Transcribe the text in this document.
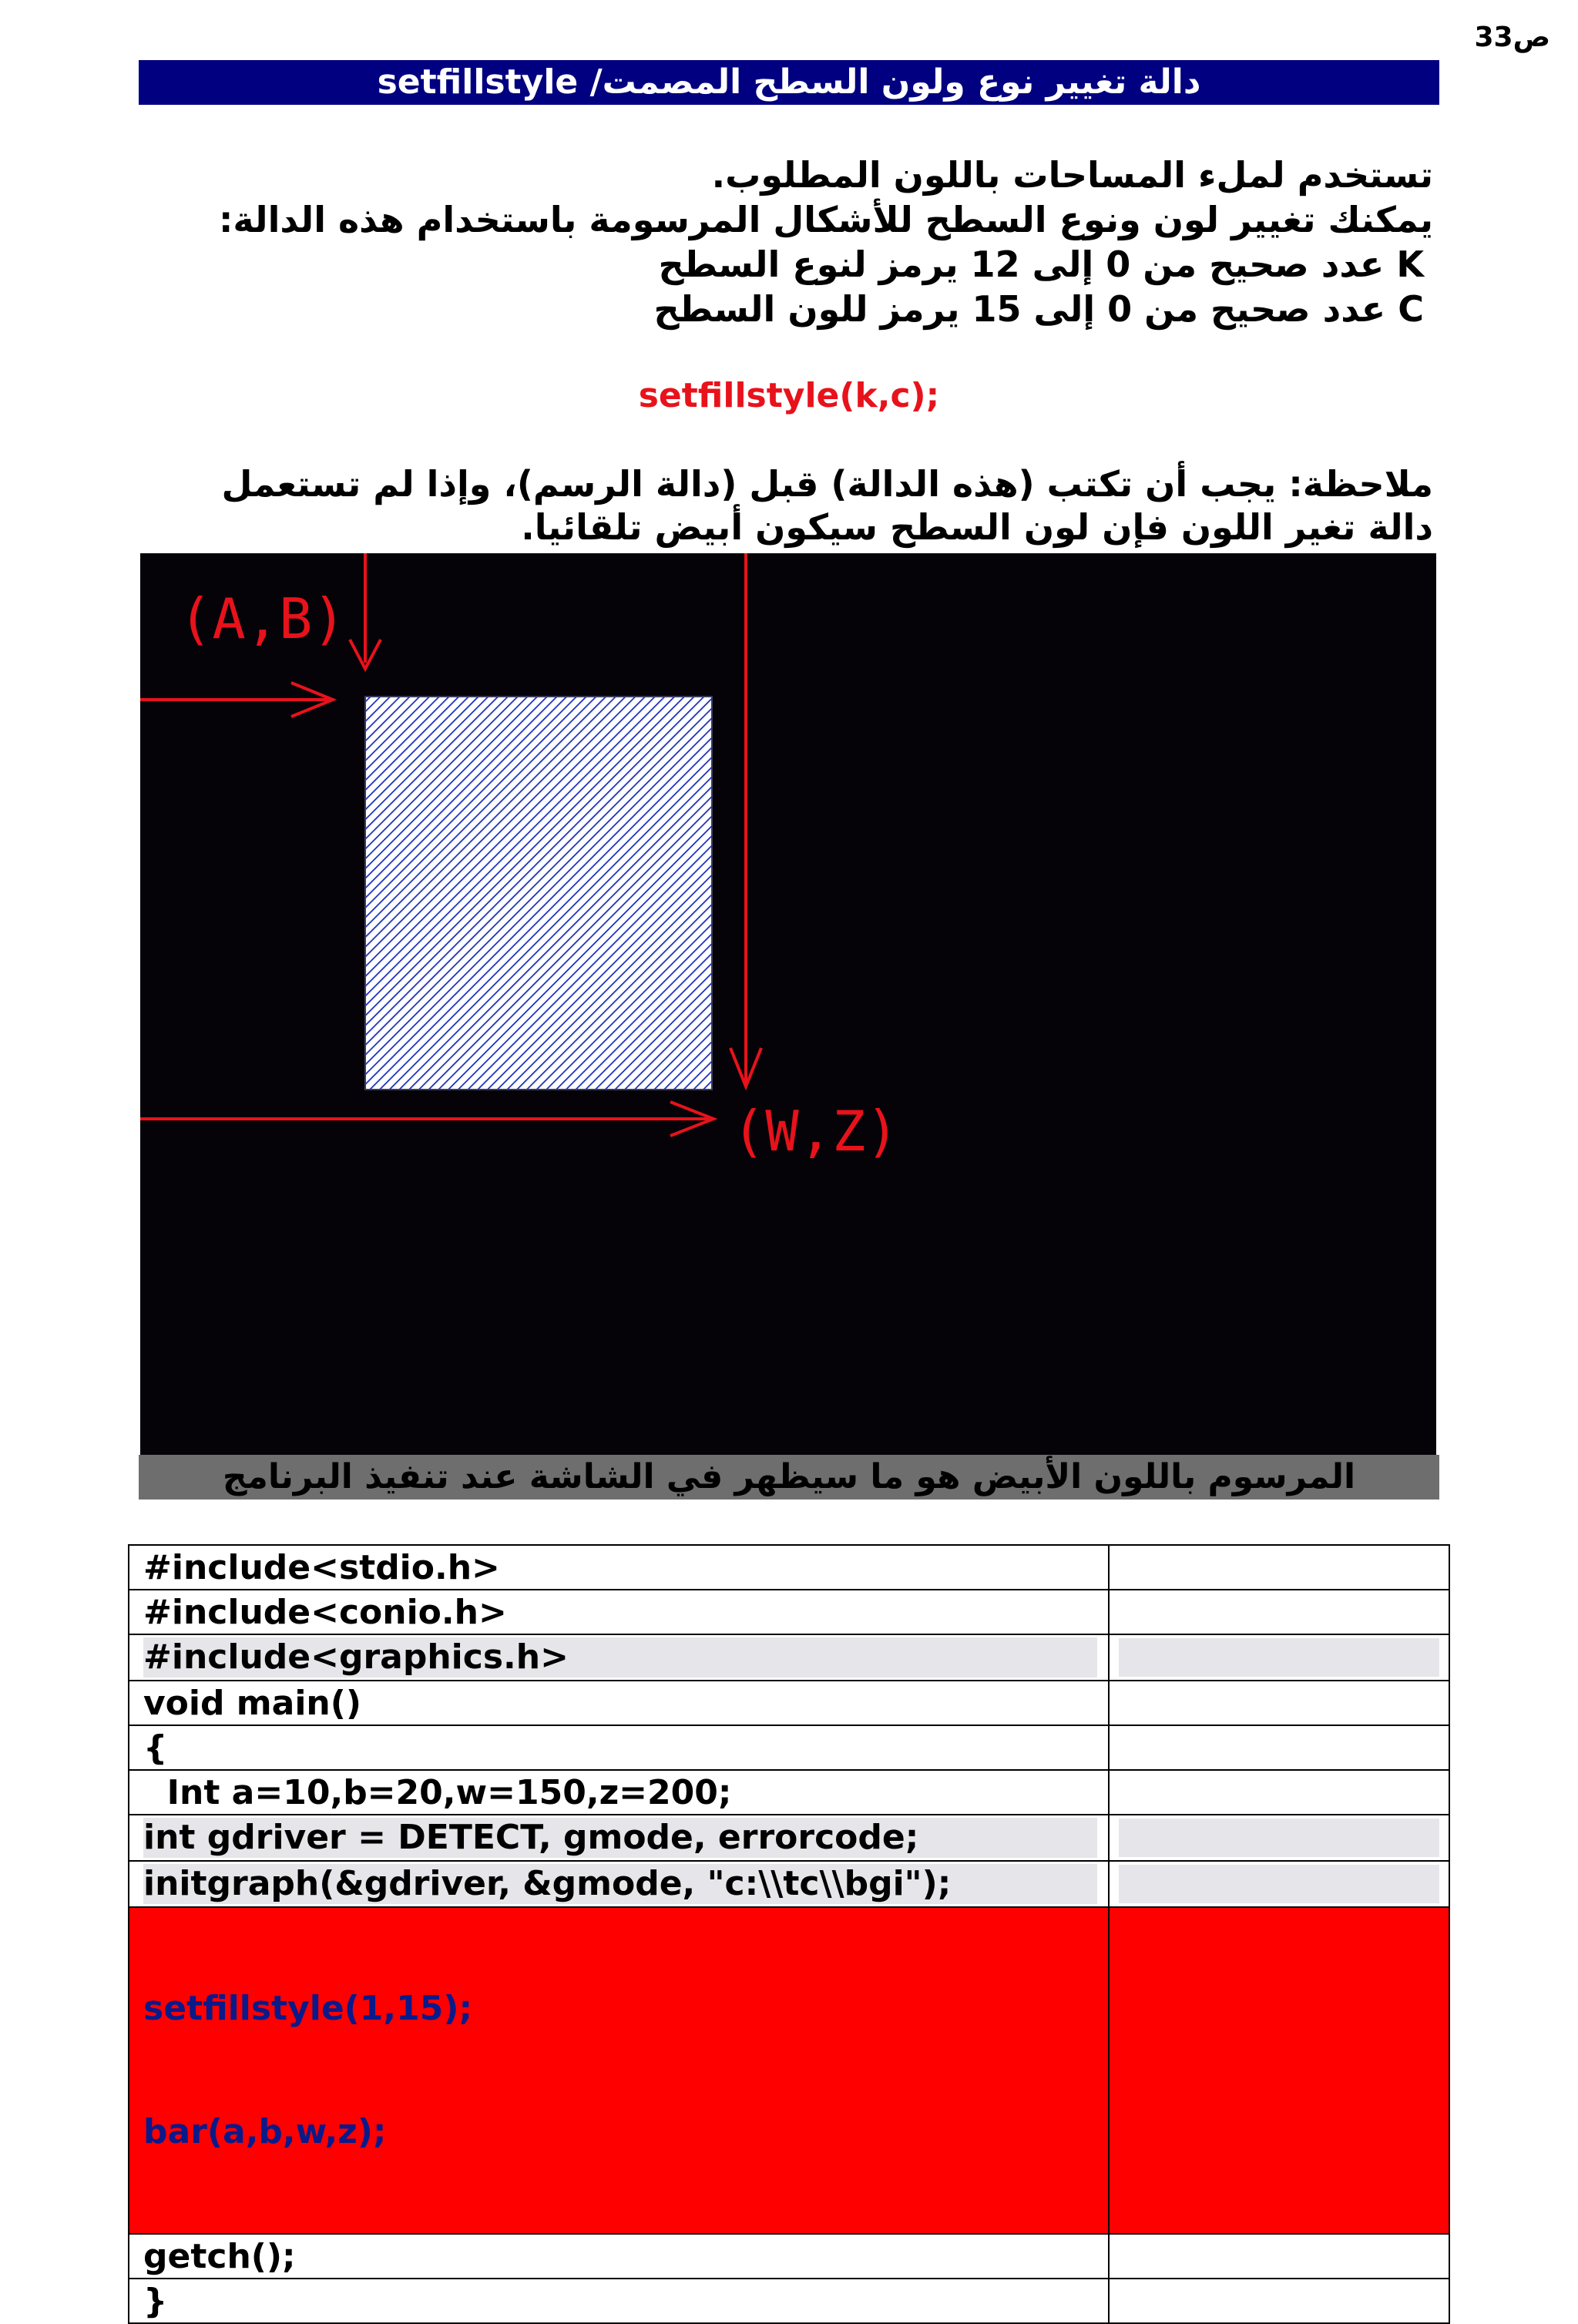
ص33
دالة تغيير نوع ولون السطح المصمت/ setfillstyle
تستخدم لملء المساحات باللون المطلوب.
يمكنك تغيير لون ونوع السطح للأشكال المرسومة باستخدام هذه الدالة:
K عدد صحيح من 0 إلى 12 يرمز لنوع السطح
C عدد صحيح من 0 إلى 15 يرمز للون السطح
setfillstyle(k,c);
ملاحظة: يجب أن تكتب (هذه الدالة) قبل (دالة الرسم)، وإذا لم تستعمل دالة تغير اللون فإن لون السطح سيكون أبيض تلقائيا.
(A,B)
(W,Z)
المرسوم باللون الأبيض هو ما سيظهر في الشاشة عند تنفيذ البرنامج
#include<stdio.h>	
#include<conio.h>	

#include<graphics.h>	

void main()	
{	
Int a=10,b=20,w=150,z=200;	

int gdriver = DETECT, gmode, errorcode;	

initgraph(&gdriver, &gmode, "c:\\tc\\bgi");	

setfillstyle(1,15);

bar(a,b,w,z);	

getch();	
}	
